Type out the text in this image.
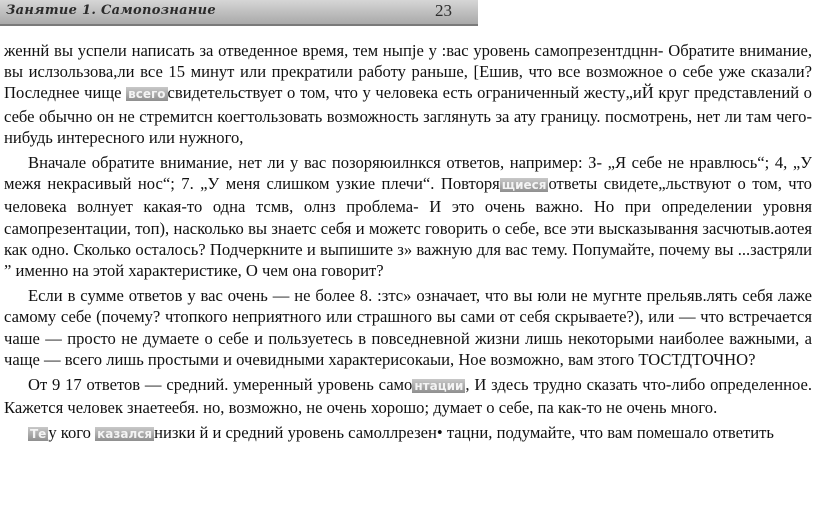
Занятие 1. Самопознание	23

женнй вы успели написать за отведенное время, тем ныпје у :вас уровень самопрезентдцнн- Обратите внимание, вы ислзользова,ли все 15 минут или прекратили работу раньше, [Ешив, что все возможное о себе уже сказали? Последнее чище всего свидетельствует о том, что у человека есть ограниченный жесту„иЙ круг представлений о себе обычно он не стремитсн коегтользовать возможность заглянуть за ату границу. посмотрень, нет ли там чего-нибудь интересного или нужного,

Вначале обратите внимание, нет ли у вас позоряюилнкся ответов, например: З- „Я себе не нравлюсь“; 4, „У межя некрасивый нос“; 7. „У меня слишком узкие плечи“. Повторя щиеся ответы свидете„льствуют о том, что человека волнует какая-то одна тсмв, олнз проблема- И это очень важно. Но при определении уровня самопрезентации, топ), насколько вы знаетс себя и можетс говорить о себе, все эти высказывання засчютыв.аотея как одно. Сколько осталось? Подчеркните и выпишите з» важную для вас тему. Попумайте, почему вы ...застряли ” именно на этой характеристике, О чем она говорит?

Если в сумме ответов у вас очень — не более 8. :зтс» означает, что вы юли не мугнте прельяв.лять себя лаже самому себе (почему? чтопкого неприятного или страшного вы сами от себя скрываете?), или — что встречается чаше — просто не думаете о себе и пользуетесь в повседневной жизни лишь некоторыми наиболее важными, а чаще — всего лишь простыми и очевидными характерисокаыи, Hое возможно, вам зтого ТОСТДТОЧНО?

От 9 17 ответов — средний. умеренный уровень само нтации , И здесь трудно сказать что-либо определенное. Кажется человек знаетеебя. но, возможно, не очень хорошо; думает о себе, па как-то не очень много.

Те у кого казался низки й и средний уровень самоллрезен• тацни, подумайте, что вам помешало ответить
